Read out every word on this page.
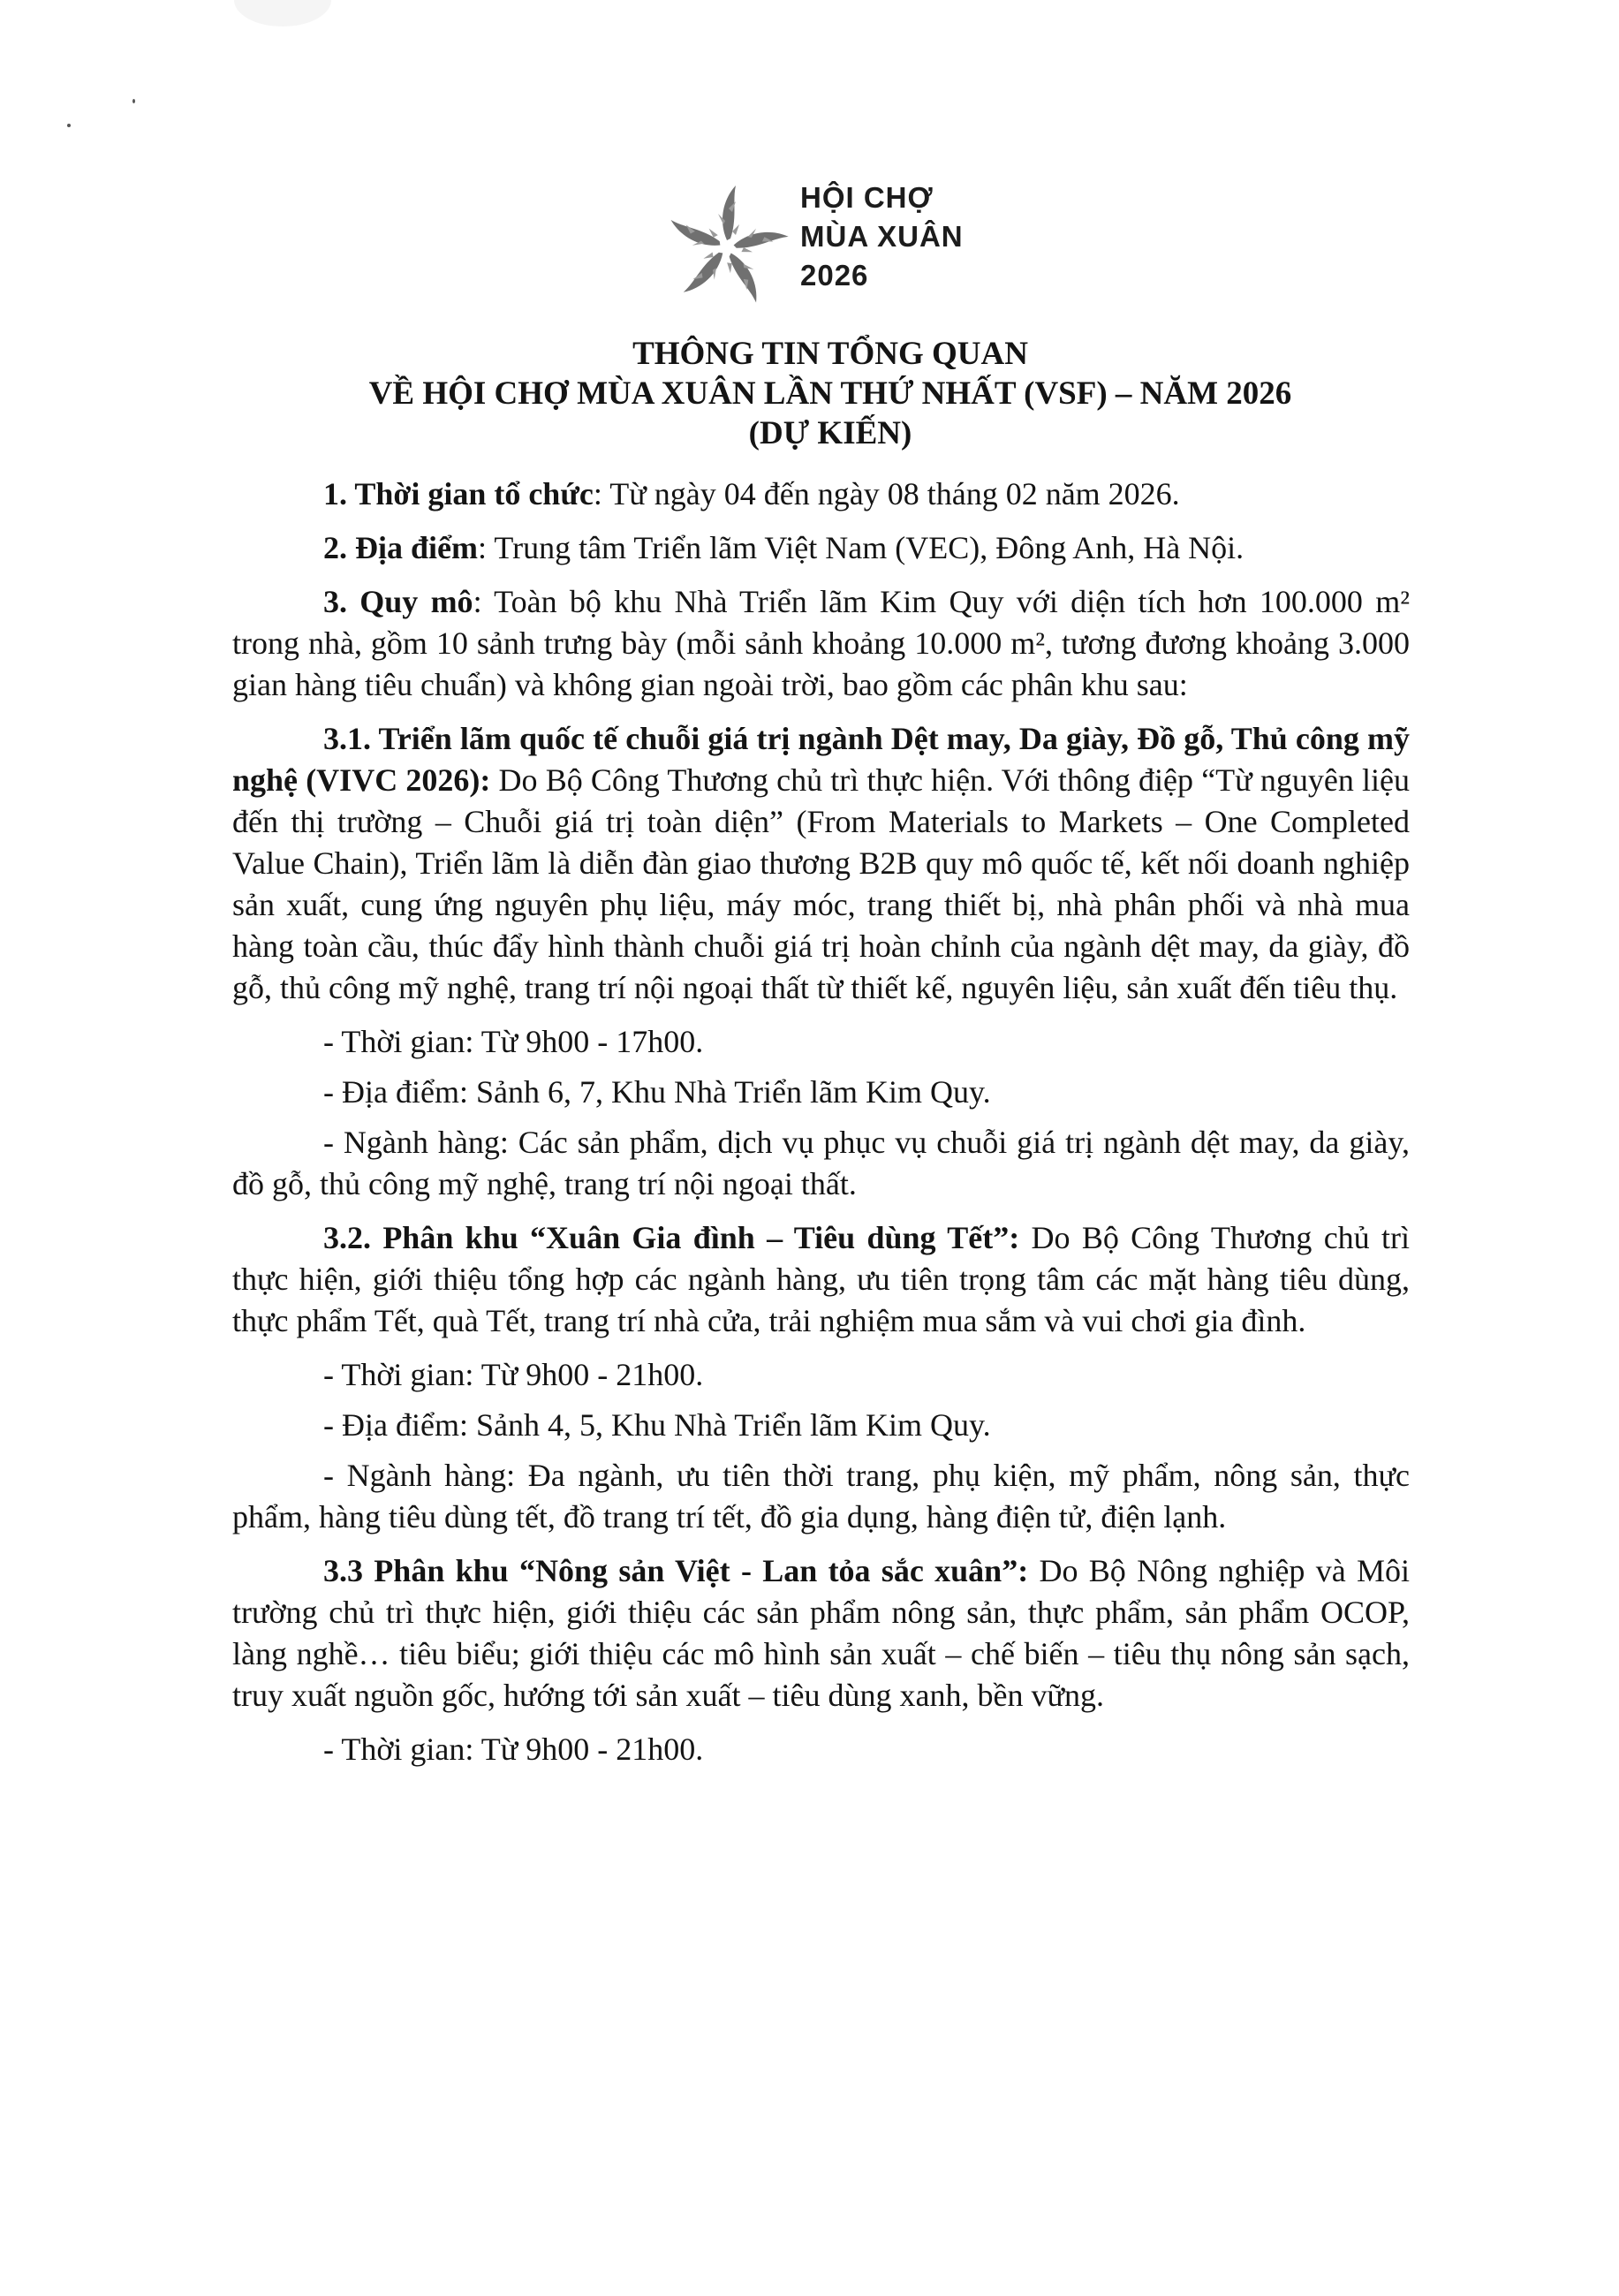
HỘI CHỢ
MÙA XUÂN
2026
THÔNG TIN TỔNG QUAN
VỀ HỘI CHỢ MÙA XUÂN LẦN THỨ NHẤT (VSF) – NĂM 2026
(DỰ KIẾN)

1. Thời gian tổ chức: Từ ngày 04 đến ngày 08 tháng 02 năm 2026.

2. Địa điểm: Trung tâm Triển lãm Việt Nam (VEC), Đông Anh, Hà Nội.

3. Quy mô: Toàn bộ khu Nhà Triển lãm Kim Quy với diện tích hơn 100.000 m² trong nhà, gồm 10 sảnh trưng bày (mỗi sảnh khoảng 10.000 m², tương đương khoảng 3.000 gian hàng tiêu chuẩn) và không gian ngoài trời, bao gồm các phân khu sau:

3.1. Triển lãm quốc tế chuỗi giá trị ngành Dệt may, Da giày, Đồ gỗ, Thủ công mỹ nghệ (VIVC 2026): Do Bộ Công Thương chủ trì thực hiện. Với thông điệp “Từ nguyên liệu đến thị trường – Chuỗi giá trị toàn diện” (From Materials to Markets – One Completed Value Chain), Triển lãm là diễn đàn giao thương B2B quy mô quốc tế, kết nối doanh nghiệp sản xuất, cung ứng nguyên phụ liệu, máy móc, trang thiết bị, nhà phân phối và nhà mua hàng toàn cầu, thúc đẩy hình thành chuỗi giá trị hoàn chỉnh của ngành dệt may, da giày, đồ gỗ, thủ công mỹ nghệ, trang trí nội ngoại thất từ thiết kế, nguyên liệu, sản xuất đến tiêu thụ.

- Thời gian: Từ 9h00 - 17h00.

- Địa điểm: Sảnh 6, 7, Khu Nhà Triển lãm Kim Quy.

- Ngành hàng: Các sản phẩm, dịch vụ phục vụ chuỗi giá trị ngành dệt may, da giày, đồ gỗ, thủ công mỹ nghệ, trang trí nội ngoại thất.

3.2. Phân khu “Xuân Gia đình – Tiêu dùng Tết”: Do Bộ Công Thương chủ trì thực hiện, giới thiệu tổng hợp các ngành hàng, ưu tiên trọng tâm các mặt hàng tiêu dùng, thực phẩm Tết, quà Tết, trang trí nhà cửa, trải nghiệm mua sắm và vui chơi gia đình.

- Thời gian: Từ 9h00 - 21h00.

- Địa điểm: Sảnh 4, 5, Khu Nhà Triển lãm Kim Quy.

- Ngành hàng: Đa ngành, ưu tiên thời trang, phụ kiện, mỹ phẩm, nông sản, thực phẩm, hàng tiêu dùng tết, đồ trang trí tết, đồ gia dụng, hàng điện tử, điện lạnh.

3.3 Phân khu “Nông sản Việt - Lan tỏa sắc xuân”: Do Bộ Nông nghiệp và Môi trường chủ trì thực hiện, giới thiệu các sản phẩm nông sản, thực phẩm, sản phẩm OCOP, làng nghề… tiêu biểu; giới thiệu các mô hình sản xuất – chế biến – tiêu thụ nông sản sạch, truy xuất nguồn gốc, hướng tới sản xuất – tiêu dùng xanh, bền vững.

- Thời gian: Từ 9h00 - 21h00.
